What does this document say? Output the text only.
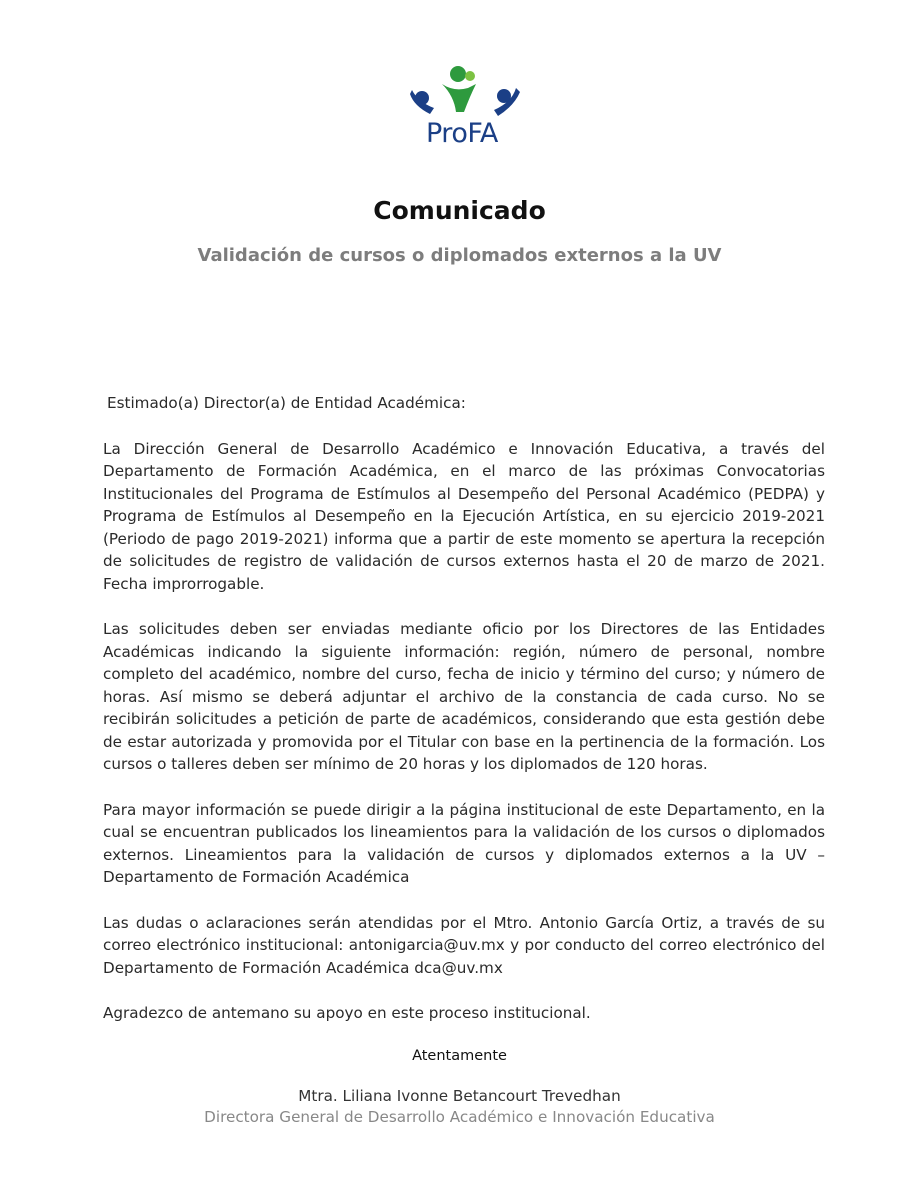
ProFA
Comunicado
Validación de cursos o diplomados externos a la UV

Estimado(a) Director(a) de Entidad Académica:

La Dirección General de Desarrollo Académico e Innovación Educativa, a través del Departamento de Formación Académica, en el marco de las próximas Convocatorias Institucionales del Programa de Estímulos al Desempeño del Personal Académico (PEDPA) y Programa de Estímulos al Desempeño en la Ejecución Artística, en su ejercicio 2019-2021 (Periodo de pago 2019-2021) informa que a partir de este momento se apertura la recepción de solicitudes de registro de validación de cursos externos hasta el 20 de marzo de 2021. Fecha improrrogable.

Las solicitudes deben ser enviadas mediante oficio por los Directores de las Entidades Académicas indicando la siguiente información: región, número de personal, nombre completo del académico, nombre del curso, fecha de inicio y término del curso; y número de horas. Así mismo se deberá adjuntar el archivo de la constancia de cada curso. No se recibirán solicitudes a petición de parte de académicos, considerando que esta gestión debe de estar autorizada y promovida por el Titular con base en la pertinencia de la formación. Los cursos o talleres deben ser mínimo de 20 horas y los diplomados de 120 horas.

Para mayor información se puede dirigir a la página institucional de este Departamento, en la cual se encuentran publicados los lineamientos para la validación de los cursos o diplomados externos. Lineamientos para la validación de cursos y diplomados externos a la UV – Departamento de Formación Académica

Las dudas o aclaraciones serán atendidas por el Mtro. Antonio García Ortiz, a través de su correo electrónico institucional: antonigarcia@uv.mx y por conducto del correo electrónico del Departamento de Formación Académica dca@uv.mx

Agradezco de antemano su apoyo en este proceso institucional.

Atentamente
Mtra. Liliana Ivonne Betancourt Trevedhan
Directora General de Desarrollo Académico e Innovación Educativa
